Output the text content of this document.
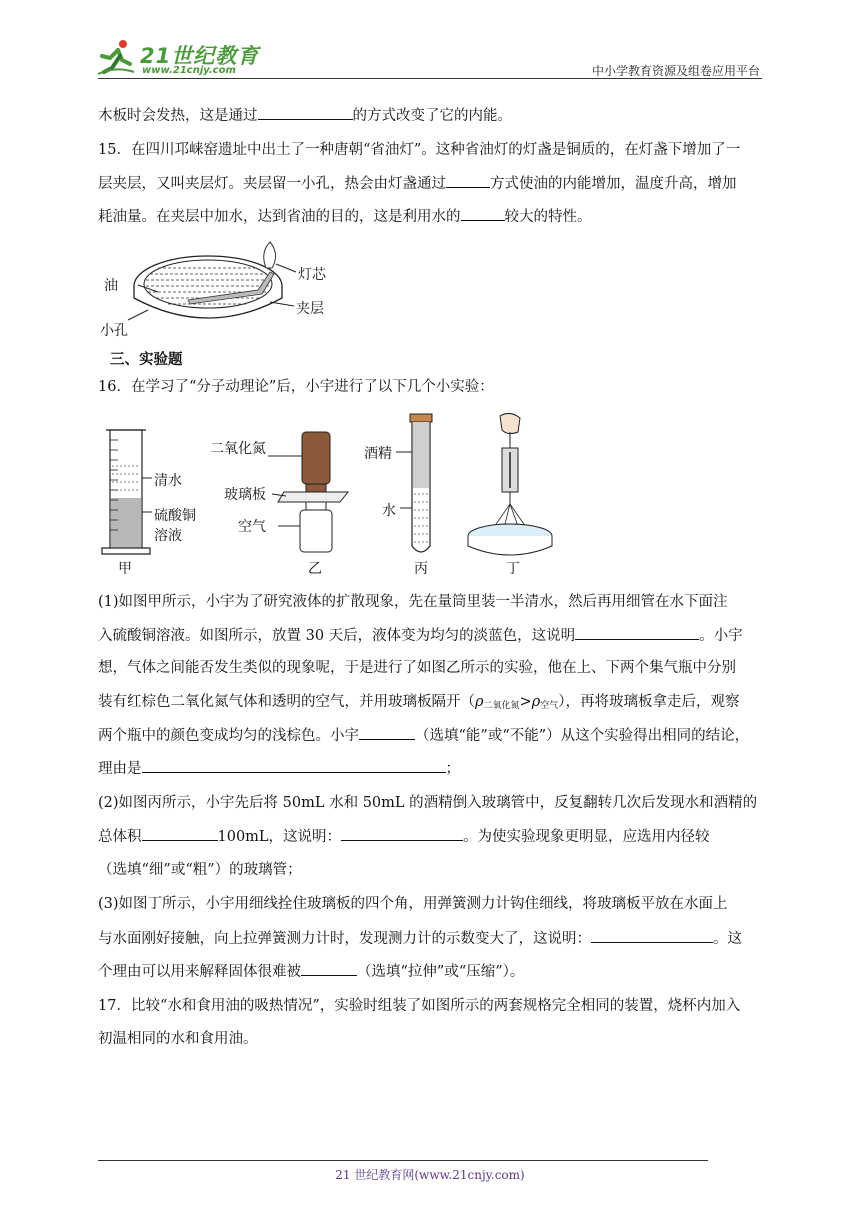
21世纪教育
www.21cnjy.com	中小学教育资源及组卷应用平台
木板时会发热，这是通过	的方式改变了它的内能。
15．在四川邛崃窑遗址中出土了一种唐朝“省油灯”。这种省油灯的灯盏是铜质的，在灯盏下增加了一
层夹层，又叫夹层灯。夹层留一小孔，热会由灯盏通过	方式使油的内能增加，温度升高，增加
耗油量。在夹层中加水，达到省油的目的，这是利用水的	较大的特性。
油
灯芯
夹层
小孔
三、实验题
16．在学习了“分子动理论”后，小宇进行了以下几个小实验：
清水
硫酸铜
溶液
二氧化氮
玻璃板
空气
酒精
水
甲	乙	丙	丁
(1)如图甲所示，小宇为了研究液体的扩散现象，先在量筒里装一半清水，然后再用细管在水下面注
入硫酸铜溶液。如图所示，放置 30 天后，液体变为均匀的淡蓝色，这说明	。小宇
想，气体之间能否发生类似的现象呢，于是进行了如图乙所示的实验，他在上、下两个集气瓶中分别
装有红棕色二氧化氮气体和透明的空气，并用玻璃板隔开（ρ二氧化氮>ρ空气），再将玻璃板拿走后，观察
两个瓶中的颜色变成均匀的浅棕色。小宇	（选填“能”或“不能”）从这个实验得出相同的结论，
理由是	；
(2)如图丙所示，小宇先后将 50mL 水和 50mL 的酒精倒入玻璃管中，反复翻转几次后发现水和酒精的
总体积	100mL，这说明：	。为使实验现象更明显，应选用内径较
（选填“细”或“粗”）的玻璃管；
(3)如图丁所示，小宇用细线拴住玻璃板的四个角，用弹簧测力计钩住细线，将玻璃板平放在水面上
与水面刚好接触，向上拉弹簧测力计时，发现测力计的示数变大了，这说明：	。这
个理由可以用来解释固体很难被	（选填“拉伸”或“压缩”）。
17．比较“水和食用油的吸热情况”，实验时组装了如图所示的两套规格完全相同的装置，烧杯内加入
初温相同的水和食用油。
21 世纪教育网(www.21cnjy.com)
